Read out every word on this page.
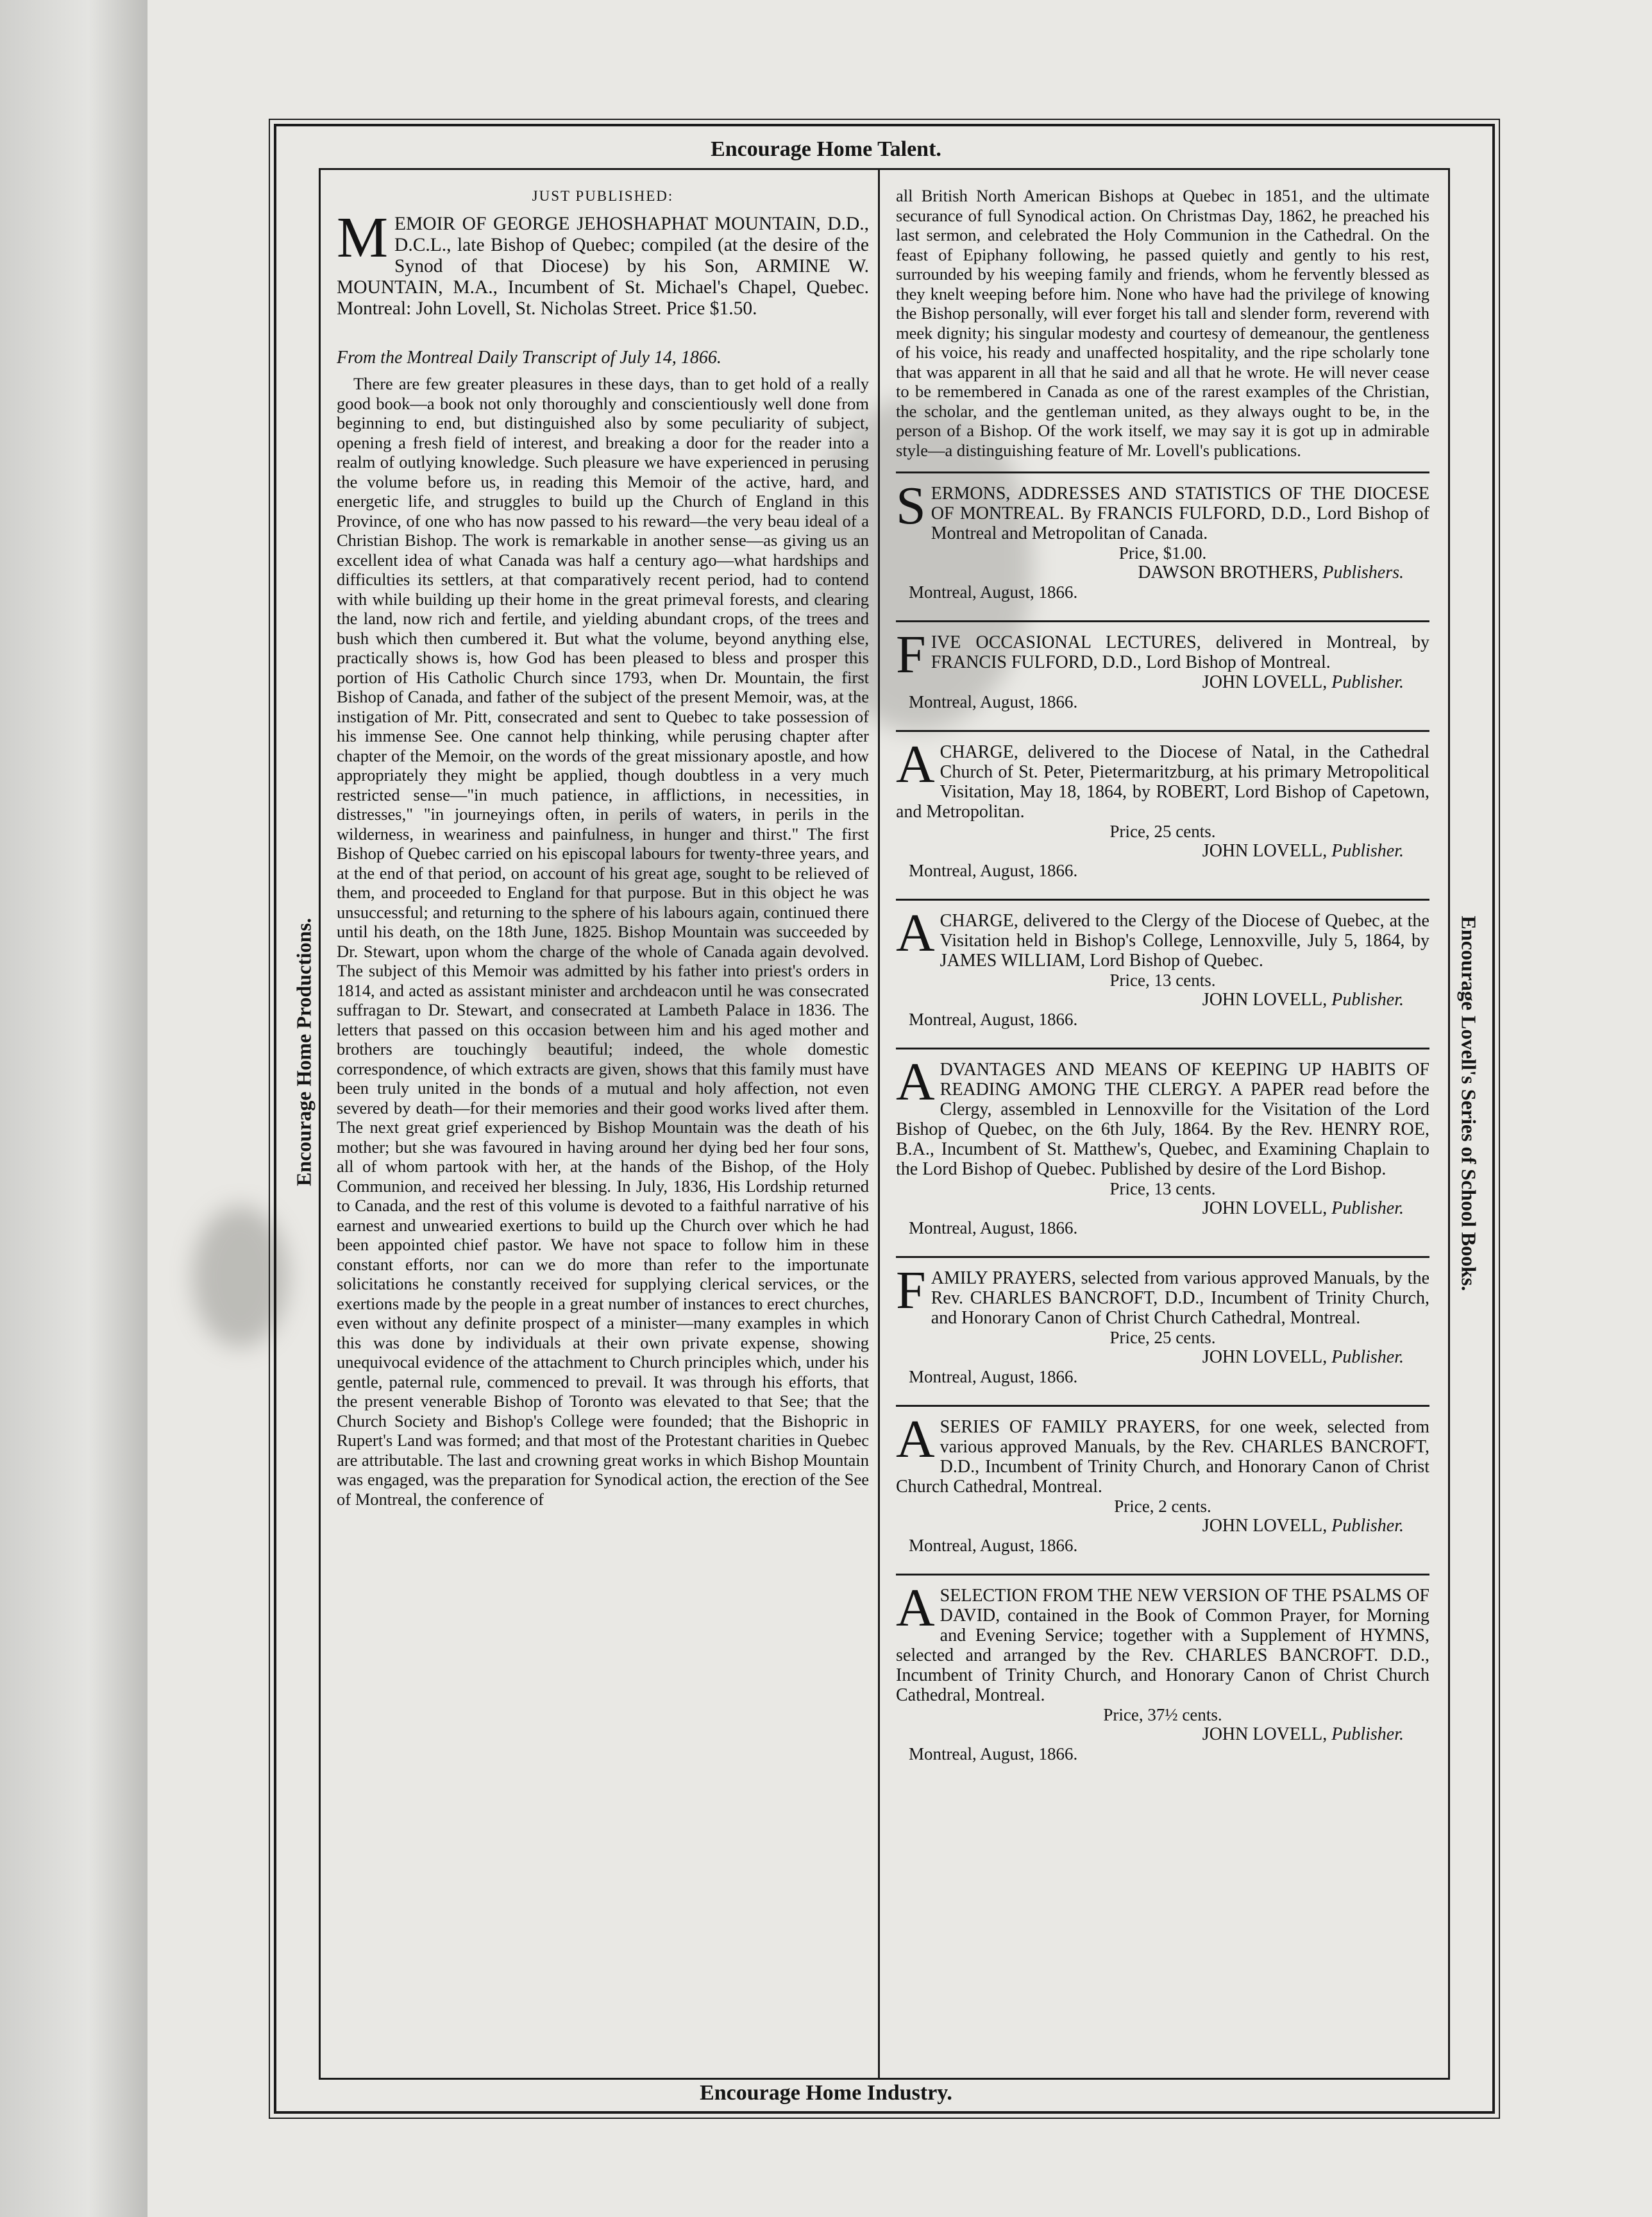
Encourage Home Talent.
Encourage Home Industry.
Encourage Home Productions.	Encourage Lovell's Series of School Books.

JUST PUBLISHED:

MEMOIR OF GEORGE JEHOSHAPHAT MOUNTAIN, D.D., D.C.L., late Bishop of Quebec; compiled (at the desire of the Synod of that Diocese) by his Son, ARMINE W. MOUNTAIN, M.A., Incumbent of St. Michael's Chapel, Quebec. Montreal: John Lovell, St. Nicholas Street. Price $1.50.

From the Montreal Daily Transcript of July 14, 1866.

There are few greater pleasures in these days, than to get hold of a really good book—a book not only thoroughly and conscientiously well done from beginning to end, but distinguished also by some peculiarity of subject, opening a fresh field of interest, and breaking a door for the reader into a realm of outlying knowledge. Such pleasure we have experienced in perusing the volume before us, in reading this Memoir of the active, hard, and energetic life, and struggles to build up the Church of England in this Province, of one who has now passed to his reward—the very beau ideal of a Christian Bishop. The work is remarkable in another sense—as giving us an excellent idea of what Canada was half a century ago—what hardships and difficulties its settlers, at that comparatively recent period, had to contend with while building up their home in the great primeval forests, and clearing the land, now rich and fertile, and yielding abundant crops, of the trees and bush which then cumbered it. But what the volume, beyond anything else, practically shows is, how God has been pleased to bless and prosper this portion of His Catholic Church since 1793, when Dr. Mountain, the first Bishop of Canada, and father of the subject of the present Memoir, was, at the instigation of Mr. Pitt, consecrated and sent to Quebec to take possession of his immense See. One cannot help thinking, while perusing chapter after chapter of the Memoir, on the words of the great missionary apostle, and how appropriately they might be applied, though doubtless in a very much restricted sense—"in much patience, in afflictions, in necessities, in distresses," "in journeyings often, in perils of waters, in perils in the wilderness, in weariness and painfulness, in hunger and thirst." The first Bishop of Quebec carried on his episcopal labours for twenty-three years, and at the end of that period, on account of his great age, sought to be relieved of them, and proceeded to England for that purpose. But in this object he was unsuccessful; and returning to the sphere of his labours again, continued there until his death, on the 18th June, 1825. Bishop Mountain was succeeded by Dr. Stewart, upon whom the charge of the whole of Canada again devolved. The subject of this Memoir was admitted by his father into priest's orders in 1814, and acted as assistant minister and archdeacon until he was consecrated suffragan to Dr. Stewart, and consecrated at Lambeth Palace in 1836. The letters that passed on this occasion between him and his aged mother and brothers are touchingly beautiful; indeed, the whole domestic correspondence, of which extracts are given, shows that this family must have been truly united in the bonds of a mutual and holy affection, not even severed by death—for their memories and their good works lived after them. The next great grief experienced by Bishop Mountain was the death of his mother; but she was favoured in having around her dying bed her four sons, all of whom partook with her, at the hands of the Bishop, of the Holy Communion, and received her blessing. In July, 1836, His Lordship returned to Canada, and the rest of this volume is devoted to a faithful narrative of his earnest and unwearied exertions to build up the Church over which he had been appointed chief pastor. We have not space to follow him in these constant efforts, nor can we do more than refer to the importunate solicitations he constantly received for supplying clerical services, or the exertions made by the people in a great number of instances to erect churches, even without any definite prospect of a minister—many examples in which this was done by individuals at their own private expense, showing unequivocal evidence of the attachment to Church principles which, under his gentle, paternal rule, commenced to prevail. It was through his efforts, that the present venerable Bishop of Toronto was elevated to that See; that the Church Society and Bishop's College were founded; that the Bishopric in Rupert's Land was formed; and that most of the Protestant charities in Quebec are attributable. The last and crowning great works in which Bishop Mountain was engaged, was the preparation for Synodical action, the erection of the See of Montreal, the conference of

all British North American Bishops at Quebec in 1851, and the ultimate securance of full Synodical action. On Christmas Day, 1862, he preached his last sermon, and celebrated the Holy Communion in the Cathedral. On the feast of Epiphany following, he passed quietly and gently to his rest, surrounded by his weeping family and friends, whom he fervently blessed as they knelt weeping before him. None who have had the privilege of knowing the Bishop personally, will ever forget his tall and slender form, reverend with meek dignity; his singular modesty and courtesy of demeanour, the gentleness of his voice, his ready and unaffected hospitality, and the ripe scholarly tone that was apparent in all that he said and all that he wrote. He will never cease to be remembered in Canada as one of the rarest examples of the Christian, the scholar, and the gentleman united, as they always ought to be, in the person of a Bishop. Of the work itself, we may say it is got up in admirable style—a distinguishing feature of Mr. Lovell's publications.

SERMONS, ADDRESSES AND STATISTICS OF THE DIOCESE OF MONTREAL. By FRANCIS FULFORD, D.D., Lord Bishop of Montreal and Metropolitan of Canada.

Price, $1.00.

DAWSON BROTHERS, Publishers.

Montreal, August, 1866.

FIVE OCCASIONAL LECTURES, delivered in Montreal, by FRANCIS FULFORD, D.D., Lord Bishop of Montreal.

JOHN LOVELL, Publisher.

Montreal, August, 1866.

ACHARGE, delivered to the Diocese of Natal, in the Cathedral Church of St. Peter, Pietermaritzburg, at his primary Metropolitical Visitation, May 18, 1864, by ROBERT, Lord Bishop of Capetown, and Metropolitan.

Price, 25 cents.

JOHN LOVELL, Publisher.

Montreal, August, 1866.

ACHARGE, delivered to the Clergy of the Diocese of Quebec, at the Visitation held in Bishop's College, Lennoxville, July 5, 1864, by JAMES WILLIAM, Lord Bishop of Quebec.

Price, 13 cents.

JOHN LOVELL, Publisher.

Montreal, August, 1866.

ADVANTAGES AND MEANS OF KEEPING UP HABITS OF READING AMONG THE CLERGY. A PAPER read before the Clergy, assembled in Lennoxville for the Visitation of the Lord Bishop of Quebec, on the 6th July, 1864. By the Rev. HENRY ROE, B.A., Incumbent of St. Matthew's, Quebec, and Examining Chaplain to the Lord Bishop of Quebec. Published by desire of the Lord Bishop.

Price, 13 cents.

JOHN LOVELL, Publisher.

Montreal, August, 1866.

FAMILY PRAYERS, selected from various approved Manuals, by the Rev. CHARLES BANCROFT, D.D., Incumbent of Trinity Church, and Honorary Canon of Christ Church Cathedral, Montreal.

Price, 25 cents.

JOHN LOVELL, Publisher.

Montreal, August, 1866.

ASERIES OF FAMILY PRAYERS, for one week, selected from various approved Manuals, by the Rev. CHARLES BANCROFT, D.D., Incumbent of Trinity Church, and Honorary Canon of Christ Church Cathedral, Montreal.

Price, 2 cents.

JOHN LOVELL, Publisher.

Montreal, August, 1866.

ASELECTION FROM THE NEW VERSION OF THE PSALMS OF DAVID, contained in the Book of Common Prayer, for Morning and Evening Service; together with a Supplement of HYMNS, selected and arranged by the Rev. CHARLES BANCROFT. D.D., Incumbent of Trinity Church, and Honorary Canon of Christ Church Cathedral, Montreal.

Price, 37½ cents.

JOHN LOVELL, Publisher.

Montreal, August, 1866.
